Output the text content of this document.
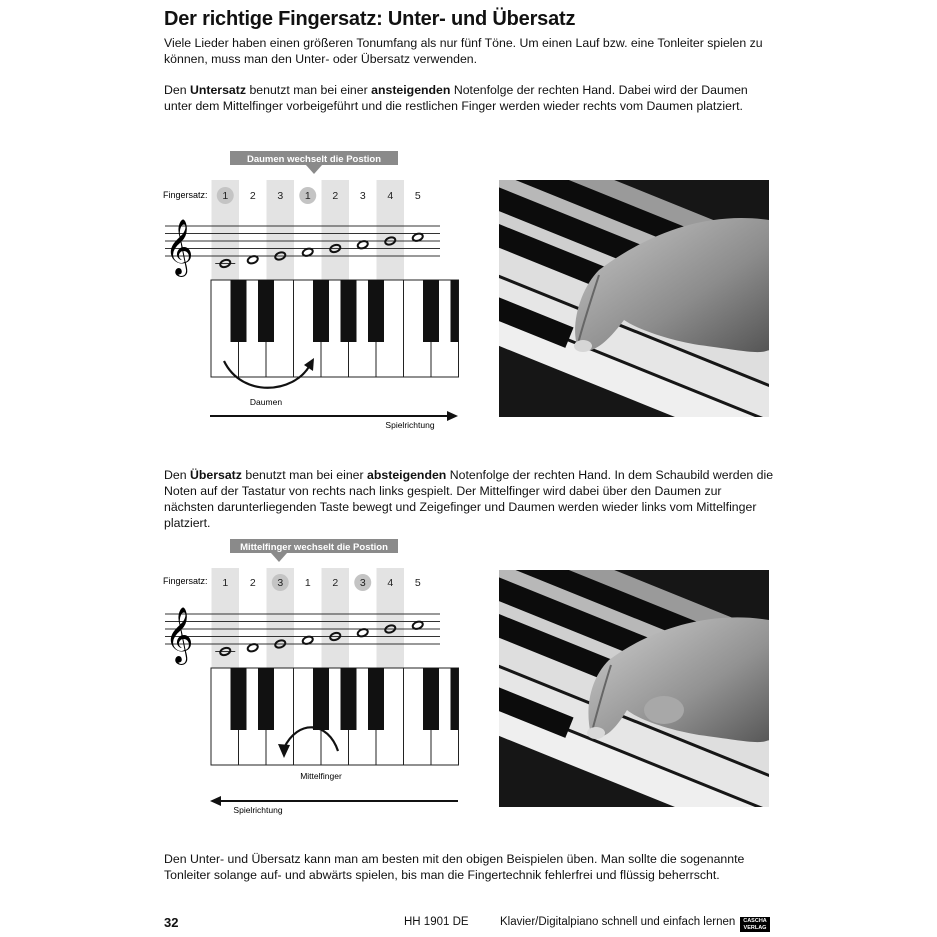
Der richtige Fingersatz: Unter- und Übersatz

Viele Lieder haben einen größeren Tonumfang als nur fünf Töne. Um einen Lauf bzw. eine Tonleiter spielen zu können, muss man den Unter- oder Übersatz verwenden.

Den Untersatz benutzt man bei einer ansteigenden Notenfolge der rechten Hand. Dabei wird der Daumen unter dem Mittelfinger vorbeigeführt und die restlichen Finger werden wieder rechts vom Daumen platziert.

Daumen wechselt die Postion
Fingersatz: 1 2 3 1 2 3 4 5
𝄞
Daumen
Spielrichtung

Den Übersatz benutzt man bei einer absteigenden Notenfolge der rechten Hand. In dem Schaubild werden die Noten auf der Tastatur von rechts nach links gespielt. Der Mittelfinger wird dabei über den Daumen zur nächsten darunterliegenden Taste bewegt und Zeigefinger und Daumen werden wieder links vom Mittelfinger platziert.

Mittelfinger wechselt die Postion
Fingersatz: 1 2 3 1 2 3 4 5
𝄞
Mittelfinger
Spielrichtung

Den Unter- und Übersatz kann man am besten mit den obigen Beispielen üben. Man sollte die sogenannte Tonleiter solange auf- und abwärts spielen, bis man die Fingertechnik fehlerfrei und flüssig beherrscht.

32	HH 1901 DE	Klavier/Digitalpiano schnell und einfach lernen	CASCHA
VERLAG
